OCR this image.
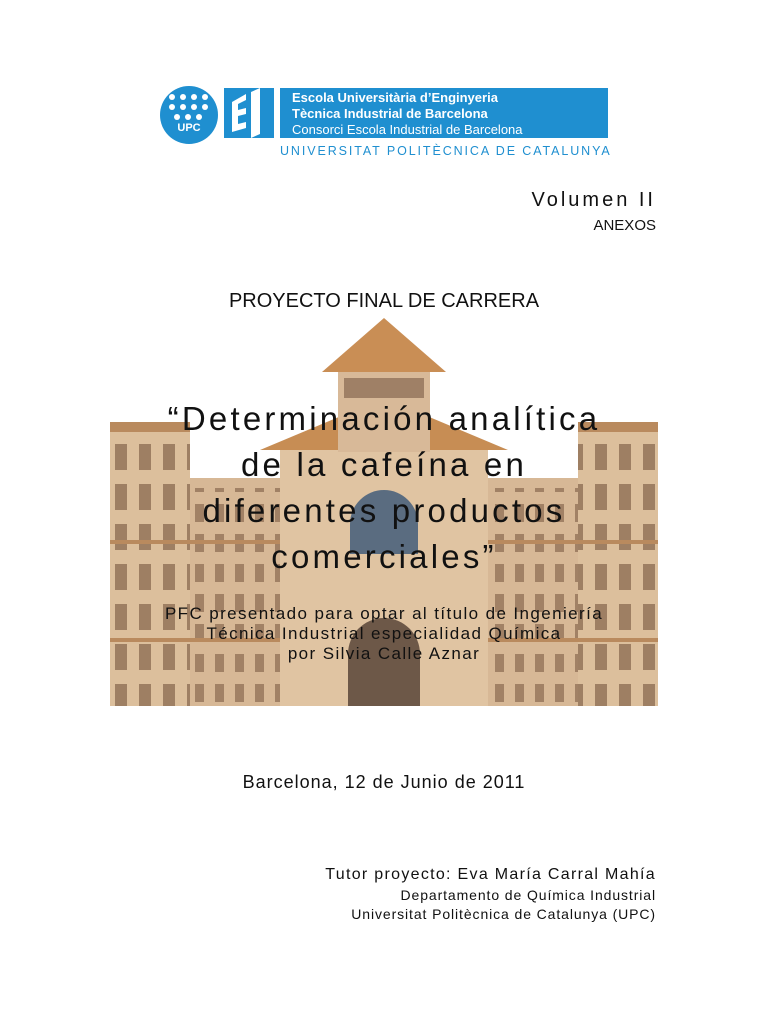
UPC
Escola Universitària d’Enginyeria
Tècnica Industrial de Barcelona
Consorci Escola Industrial de Barcelona
UNIVERSITAT POLITÈCNICA DE CATALUNYA
Volumen II
ANEXOS
PROYECTO FINAL DE CARRERA
“Determinación analítica
de la cafeína en
diferentes productos
comerciales”
PFC presentado para optar al título de Ingeniería
Técnica Industrial especialidad Química
por Silvia Calle Aznar
Barcelona, 12 de Junio de 2011
Tutor proyecto: Eva María Carral Mahía
Departamento de Química Industrial
Universitat Politècnica de Catalunya (UPC)
